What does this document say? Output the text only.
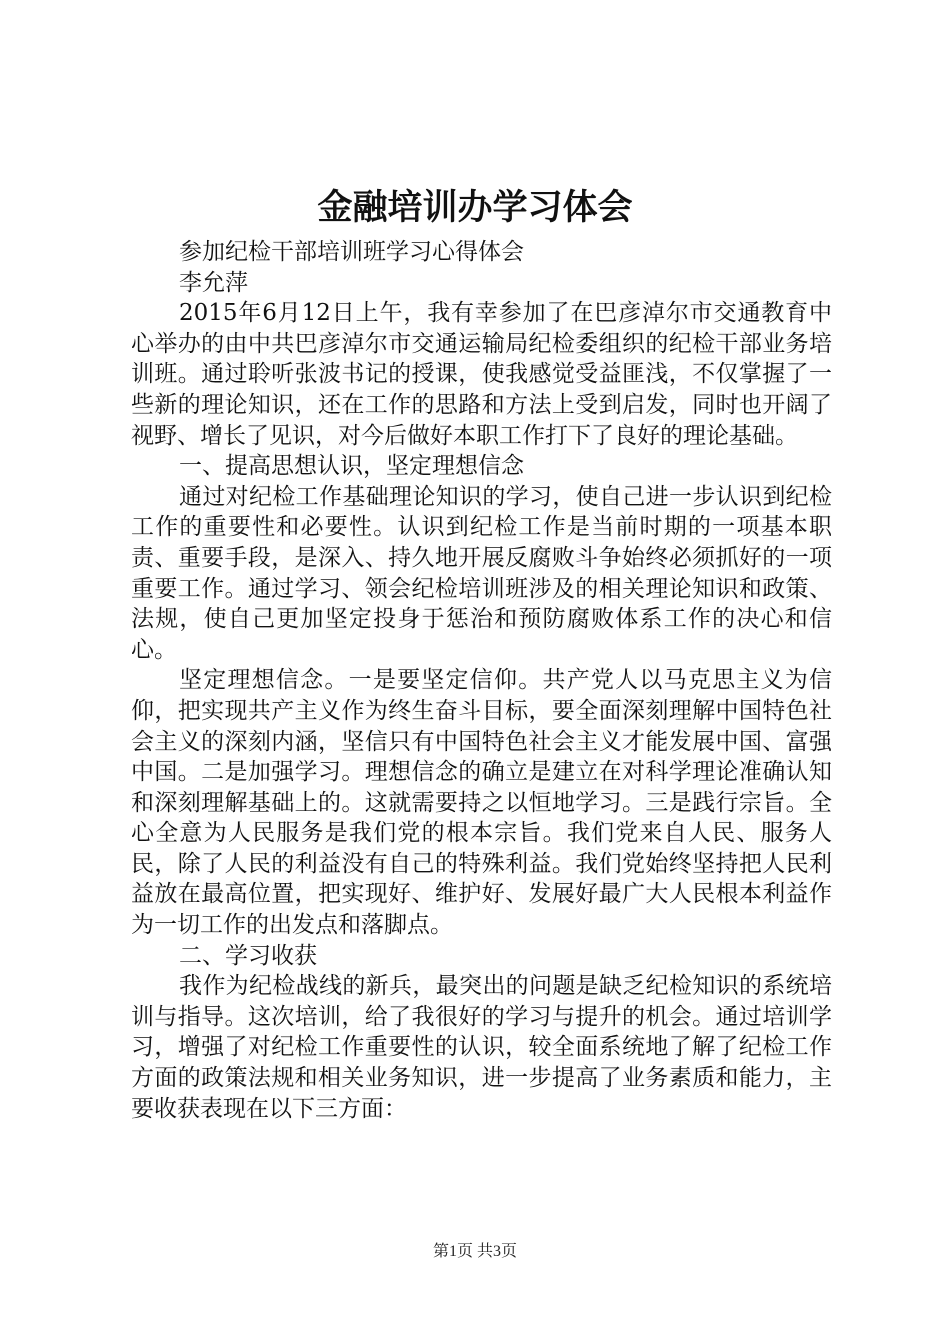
金融培训办学习体会

参加纪检干部培训班学习心得体会

李允萍

2015年6月12日上午，我有幸参加了在巴彦淖尔市交通教育中心举办的由中共巴彦淖尔市交通运输局纪检委组织的纪检干部业务培训班。通过聆听张波书记的授课，使我感觉受益匪浅，不仅掌握了一些新的理论知识，还在工作的思路和方法上受到启发，同时也开阔了视野、增长了见识，对今后做好本职工作打下了良好的理论基础。

一、提高思想认识，坚定理想信念

通过对纪检工作基础理论知识的学习，使自己进一步认识到纪检工作的重要性和必要性。认识到纪检工作是当前时期的一项基本职责、重要手段，是深入、持久地开展反腐败斗争始终必须抓好的一项重要工作。通过学习、领会纪检培训班涉及的相关理论知识和政策、法规，使自己更加坚定投身于惩治和预防腐败体系工作的决心和信心。

坚定理想信念。一是要坚定信仰。共产党人以马克思主义为信仰，把实现共产主义作为终生奋斗目标，要全面深刻理解中国特色社会主义的深刻内涵，坚信只有中国特色社会主义才能发展中国、富强中国。二是加强学习。理想信念的确立是建立在对科学理论准确认知和深刻理解基础上的。这就需要持之以恒地学习。三是践行宗旨。全心全意为人民服务是我们党的根本宗旨。我们党来自人民、服务人民，除了人民的利益没有自己的特殊利益。我们党始终坚持把人民利益放在最高位置，把实现好、维护好、发展好最广大人民根本利益作为一切工作的出发点和落脚点。

二、学习收获

我作为纪检战线的新兵，最突出的问题是缺乏纪检知识的系统培训与指导。这次培训，给了我很好的学习与提升的机会。通过培训学习，增强了对纪检工作重要性的认识，较全面系统地了解了纪检工作方面的政策法规和相关业务知识，进一步提高了业务素质和能力，主要收获表现在以下三方面：

第1页 共3页
